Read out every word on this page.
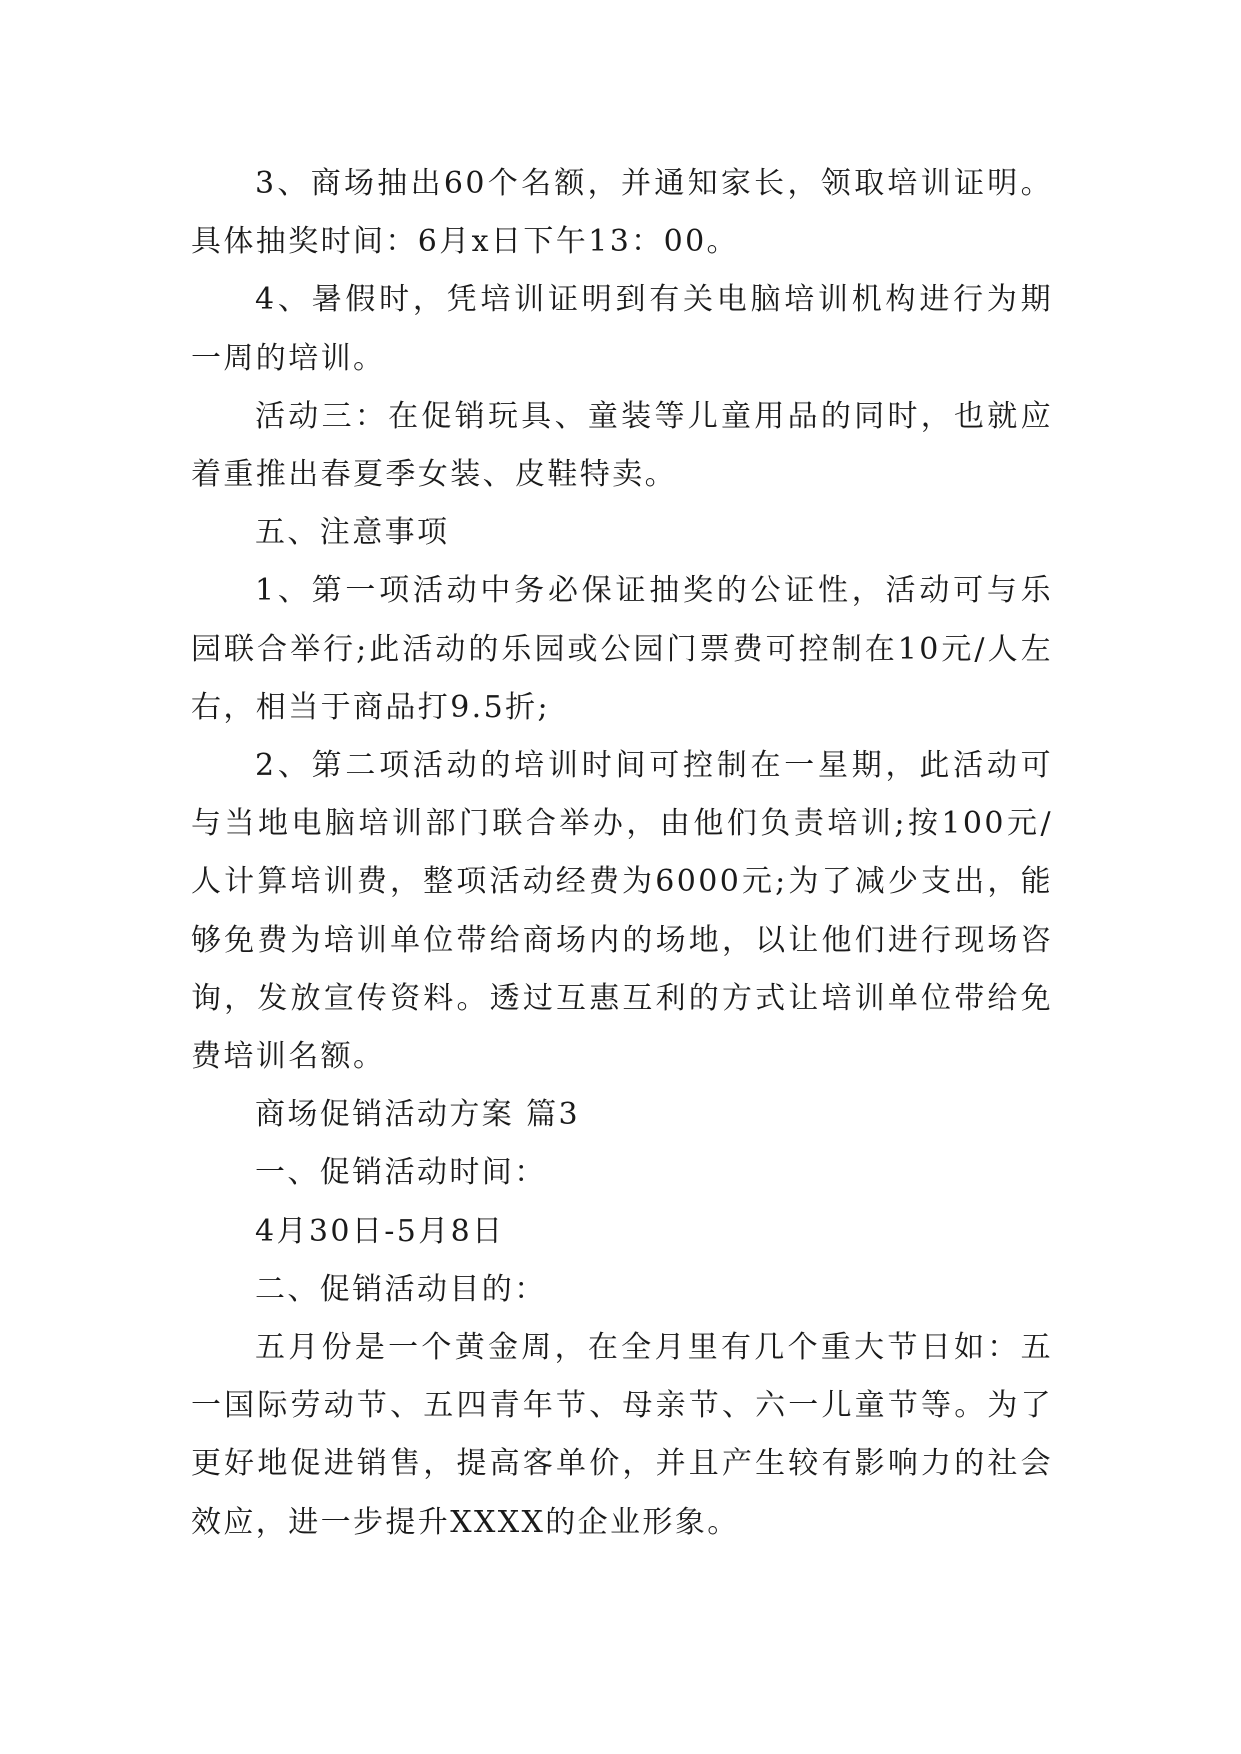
3、商场抽出60个名额，并通知家长，领取培训证明。具体抽奖时间：6月x日下午13：00。

4、暑假时，凭培训证明到有关电脑培训机构进行为期一周的培训。

活动三：在促销玩具、童装等儿童用品的同时，也就应着重推出春夏季女装、皮鞋特卖。

五、注意事项

1、第一项活动中务必保证抽奖的公证性，活动可与乐园联合举行;此活动的乐园或公园门票费可控制在10元/人左右，相当于商品打9.5折;

2、第二项活动的培训时间可控制在一星期，此活动可与当地电脑培训部门联合举办，由他们负责培训;按100元/人计算培训费，整项活动经费为6000元;为了减少支出，能够免费为培训单位带给商场内的场地，以让他们进行现场咨询，发放宣传资料。透过互惠互利的方式让培训单位带给免费培训名额。

商场促销活动方案 篇3

一、促销活动时间：

4月30日-5月8日

二、促销活动目的：

五月份是一个黄金周，在全月里有几个重大节日如：五一国际劳动节、五四青年节、母亲节、六一儿童节等。为了更好地促进销售，提高客单价，并且产生较有影响力的社会效应，进一步提升XXXX的企业形象。
